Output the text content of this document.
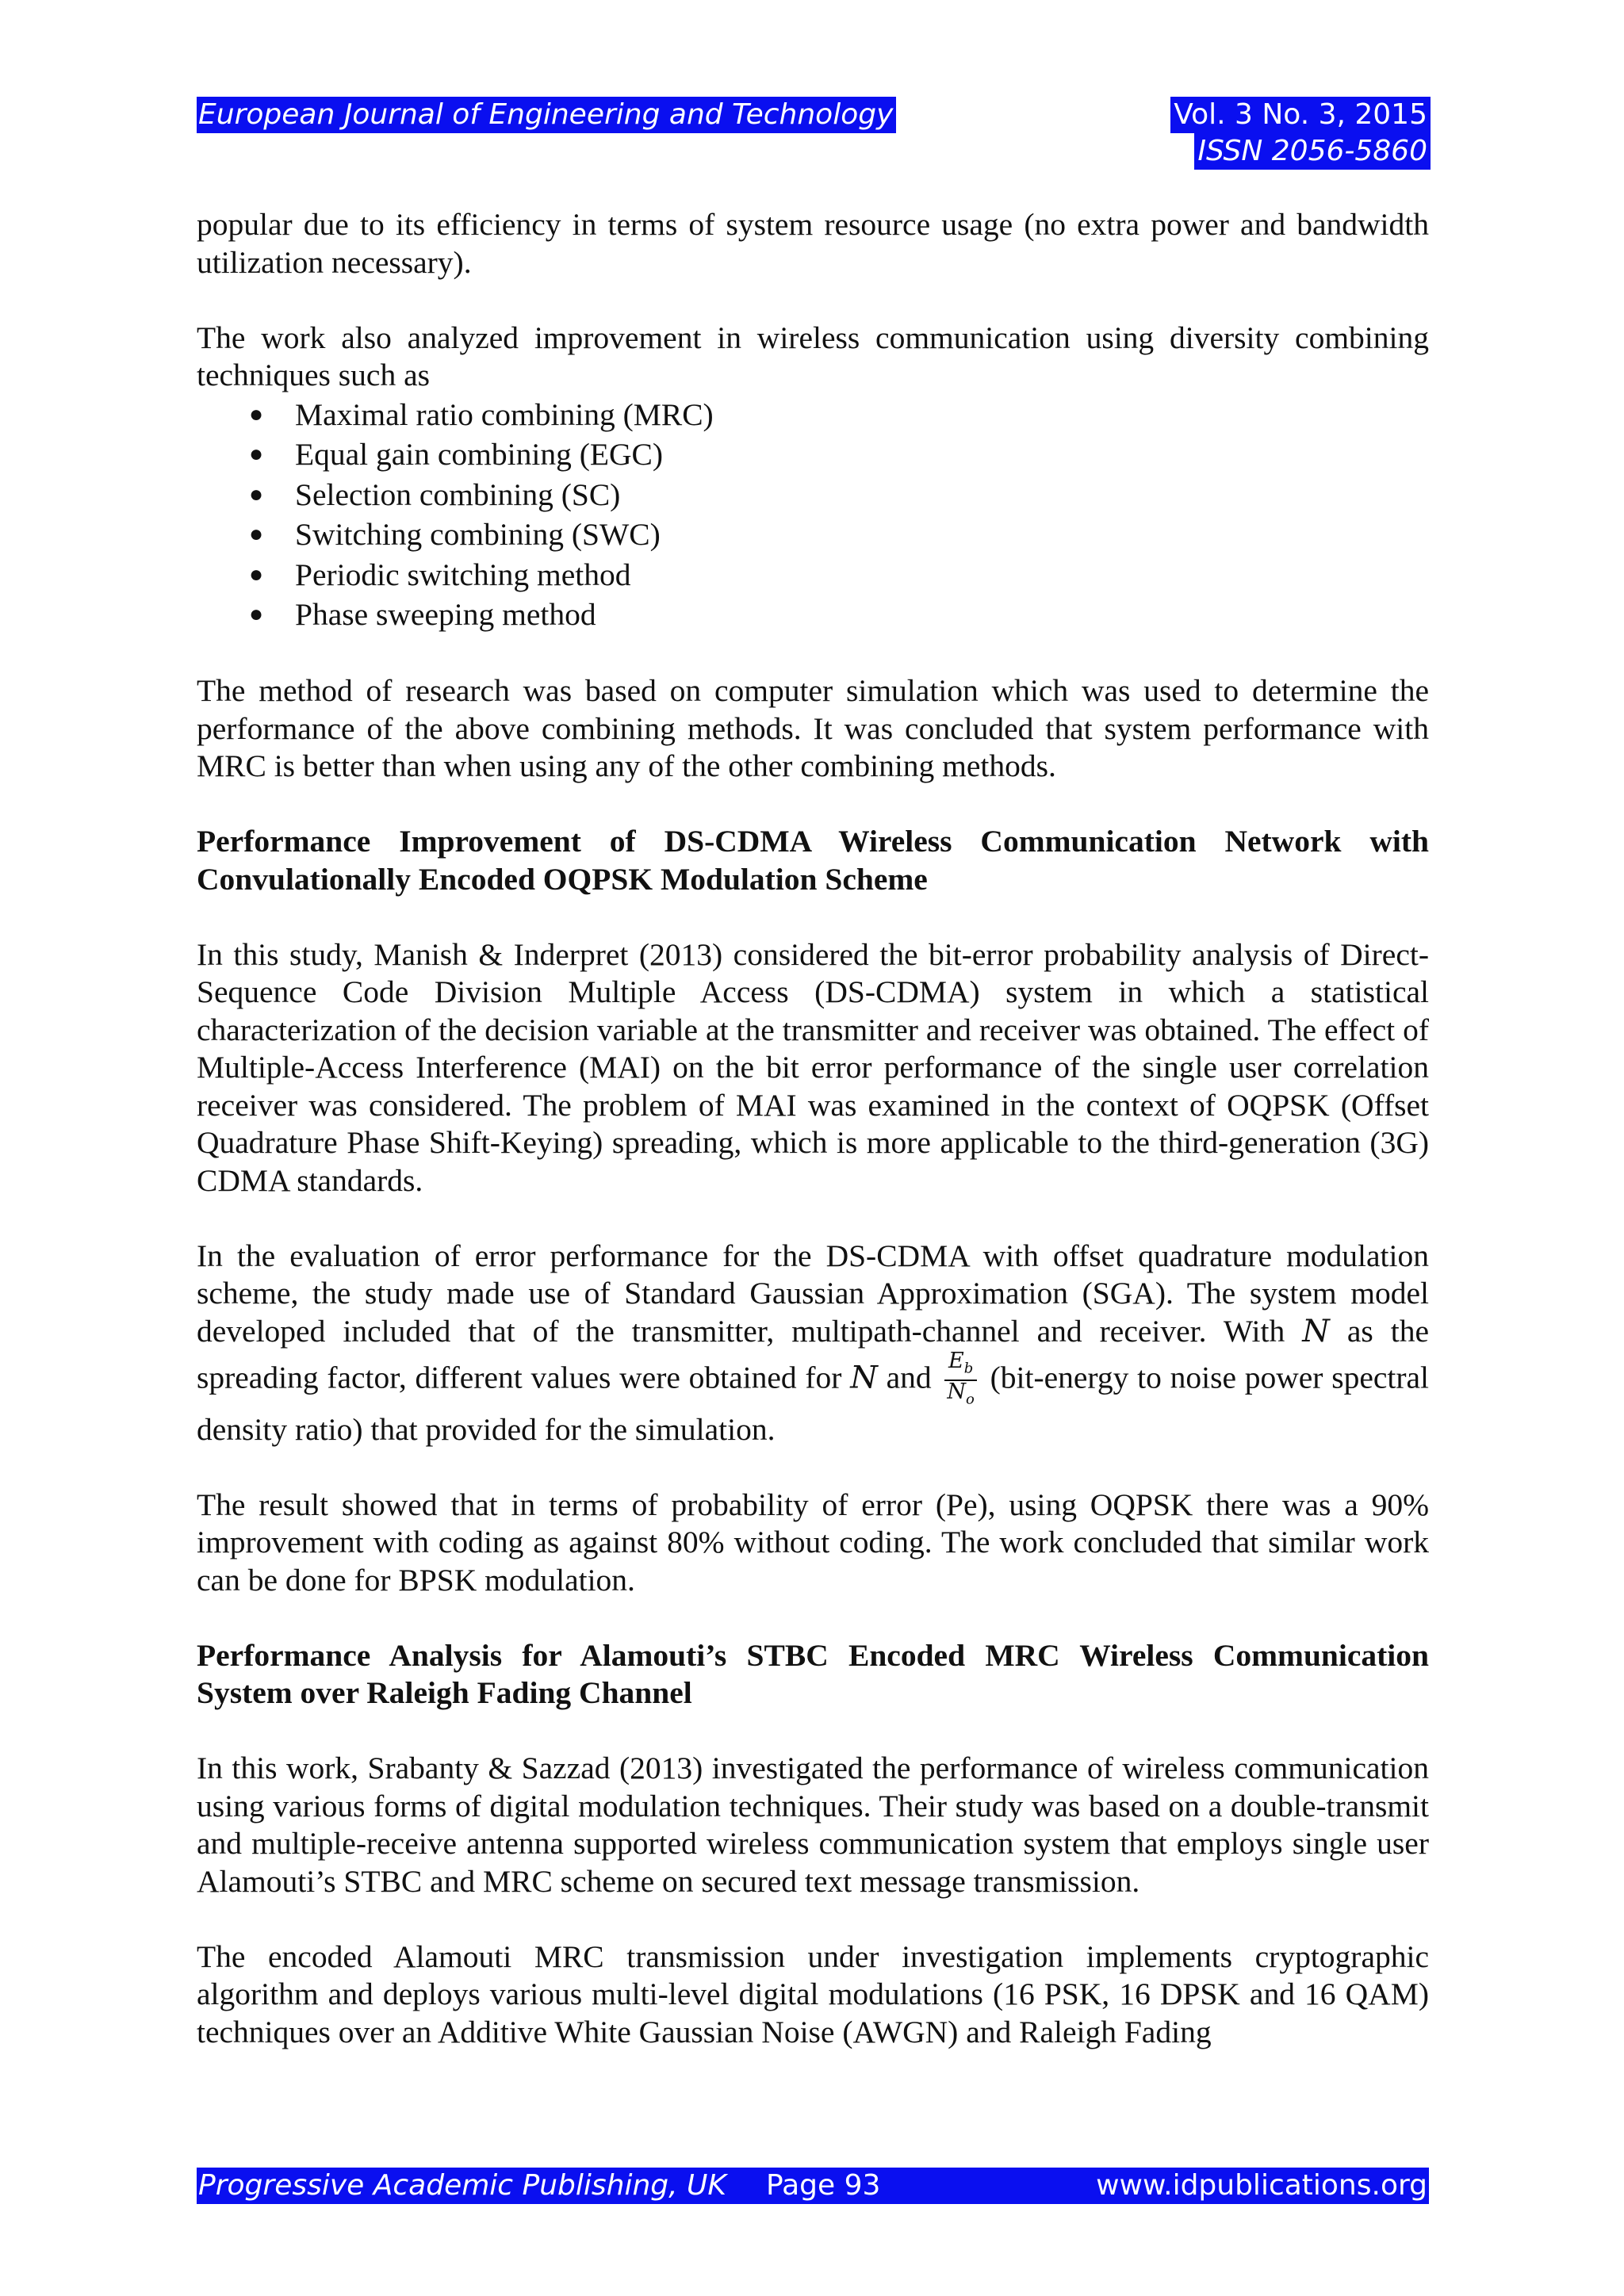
European Journal of Engineering and Technology	Vol. 3 No. 3, 2015
ISSN 2056-5860

popular due to its efficiency in terms of system resource usage (no extra power and bandwidth utilization necessary).

The work also analyzed improvement in wireless communication using diversity combining techniques such as

● Maximal ratio combining (MRC)
● Equal gain combining (EGC)
● Selection combining (SC)
● Switching combining (SWC)
● Periodic switching method
● Phase sweeping method

The method of research was based on computer simulation which was used to determine the performance of the above combining methods. It was concluded that system performance with MRC is better than when using any of the other combining methods.

Performance Improvement of DS-CDMA Wireless Communication Network with Convulationally Encoded OQPSK Modulation Scheme

In this study, Manish & Inderpret (2013) considered the bit-error probability analysis of Direct-Sequence Code Division Multiple Access (DS-CDMA) system in which a statistical characterization of the decision variable at the transmitter and receiver was obtained. The effect of Multiple-Access Interference (MAI) on the bit error performance of the single user correlation receiver was considered. The problem of MAI was examined in the context of OQPSK (Offset Quadrature Phase Shift-Keying) spreading, which is more applicable to the third-generation (3G) CDMA standards.

In the evaluation of error performance for the DS-CDMA with offset quadrature modulation scheme, the study made use of Standard Gaussian Approximation (SGA). The system model developed included that of the transmitter, multipath-channel and receiver. With N as the spreading factor, different values were obtained for N and $\frac{E_b}{N_o}$ (bit-energy to noise power spectral density ratio) that provided for the simulation.

The result showed that in terms of probability of error (Pe), using OQPSK there was a 90% improvement with coding as against 80% without coding. The work concluded that similar work can be done for BPSK modulation.

Performance Analysis for Alamouti’s STBC Encoded MRC Wireless Communication System over Raleigh Fading Channel

In this work, Srabanty & Sazzad (2013) investigated the performance of wireless communication using various forms of digital modulation techniques. Their study was based on a double-transmit and multiple-receive antenna supported wireless communication system that employs single user Alamouti’s STBC and MRC scheme on secured text message transmission.

The encoded Alamouti MRC transmission under investigation implements cryptographic algorithm and deploys various multi-level digital modulations (16 PSK, 16 DPSK and 16 QAM) techniques over an Additive White Gaussian Noise (AWGN) and Raleigh Fading

Progressive Academic Publishing, UK Page 93	www.idpublications.org
